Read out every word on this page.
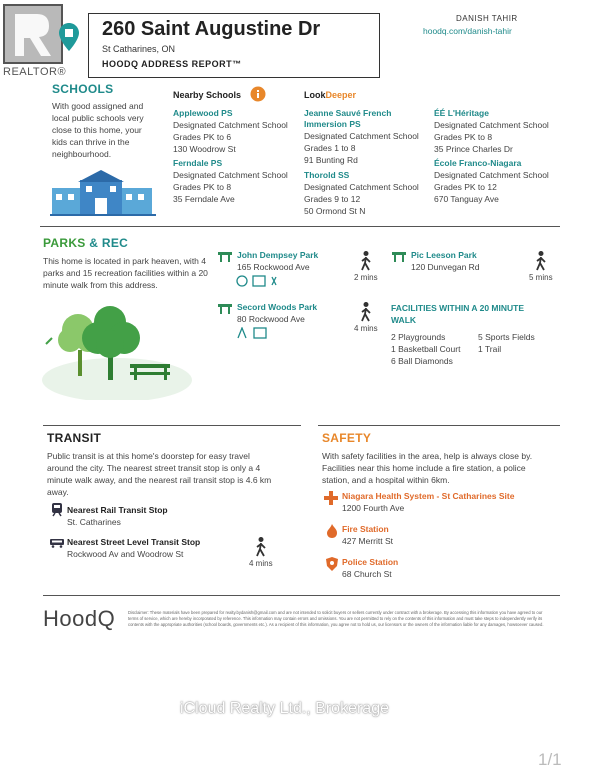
REALTOR®
260 Saint Augustine Dr
St Catharines, ON
HOODQ ADDRESS REPORT™
DANISH TAHIR
hoodq.com/danish-tahir
SCHOOLS
With good assigned and
local public schools very
close to this home, your
kids can thrive in the
neighbourhood.
Nearby Schools	LookDeeper
Applewood PS
Designated Catchment School
Grades PK to 6
130 Woodrow St
Ferndale PS
Designated Catchment School
Grades PK to 8
35 Ferndale Ave
Jeanne Sauvé French
Immersion PS
Designated Catchment School
Grades 1 to 8
91 Bunting Rd
Thorold SS
Designated Catchment School
Grades 9 to 12
50 Ormond St N
ÉÉ L'Héritage
Designated Catchment School
Grades PK to 8
35 Prince Charles Dr
École Franco-Niagara
Designated Catchment School
Grades PK to 12
670 Tanguay Ave
PARKS & REC
This home is located in park heaven, with 4
parks and 15 recreation facilities within a 20
minute walk from this address.
John Dempsey Park
165 Rockwood Ave
2 mins
Pic Leeson Park
120 Dunvegan Rd
5 mins
Secord Woods Park
80 Rockwood Ave
4 mins
FACILITIES WITHIN A 20 MINUTE
WALK
2 Playgrounds	5 Sports Fields
1 Basketball Court 1 Trail
6 Ball Diamonds
TRANSIT
Public transit is at this home's doorstep for easy travel
around the city. The nearest street transit stop is only a 4
minute walk away, and the nearest rail transit stop is 4.6 km
away.
Nearest Rail Transit Stop
St. Catharines
Nearest Street Level Transit Stop
Rockwood Av and Woodrow St
4 mins
SAFETY
With safety facilities in the area, help is always close by.
Facilities near this home include a fire station, a police
station, and a hospital within 6km.
Niagara Health System - St Catharines Site
1200 Fourth Ave
Fire Station
427 Merritt St
Police Station
68 Church St
HoodQ	Disclaimer: These materials have been prepared for realty.bydanish@gmail.com and are not intended to solicit buyers or sellers currently under contract with a brokerage. By accessing this information you have agreed to our terms of service, which are hereby incorporated by reference. This information may contain errors and omissions. You are not permitted to rely on the contents of this information and must take steps to independently verify its contents with the appropriate authorities (school boards, governments etc.). As a recipient of this information, you agree not to hold us, our licensors or the owners of the information liable for any damages, howsoever caused.
iCloud Realty Ltd., Brokerage
1/1
